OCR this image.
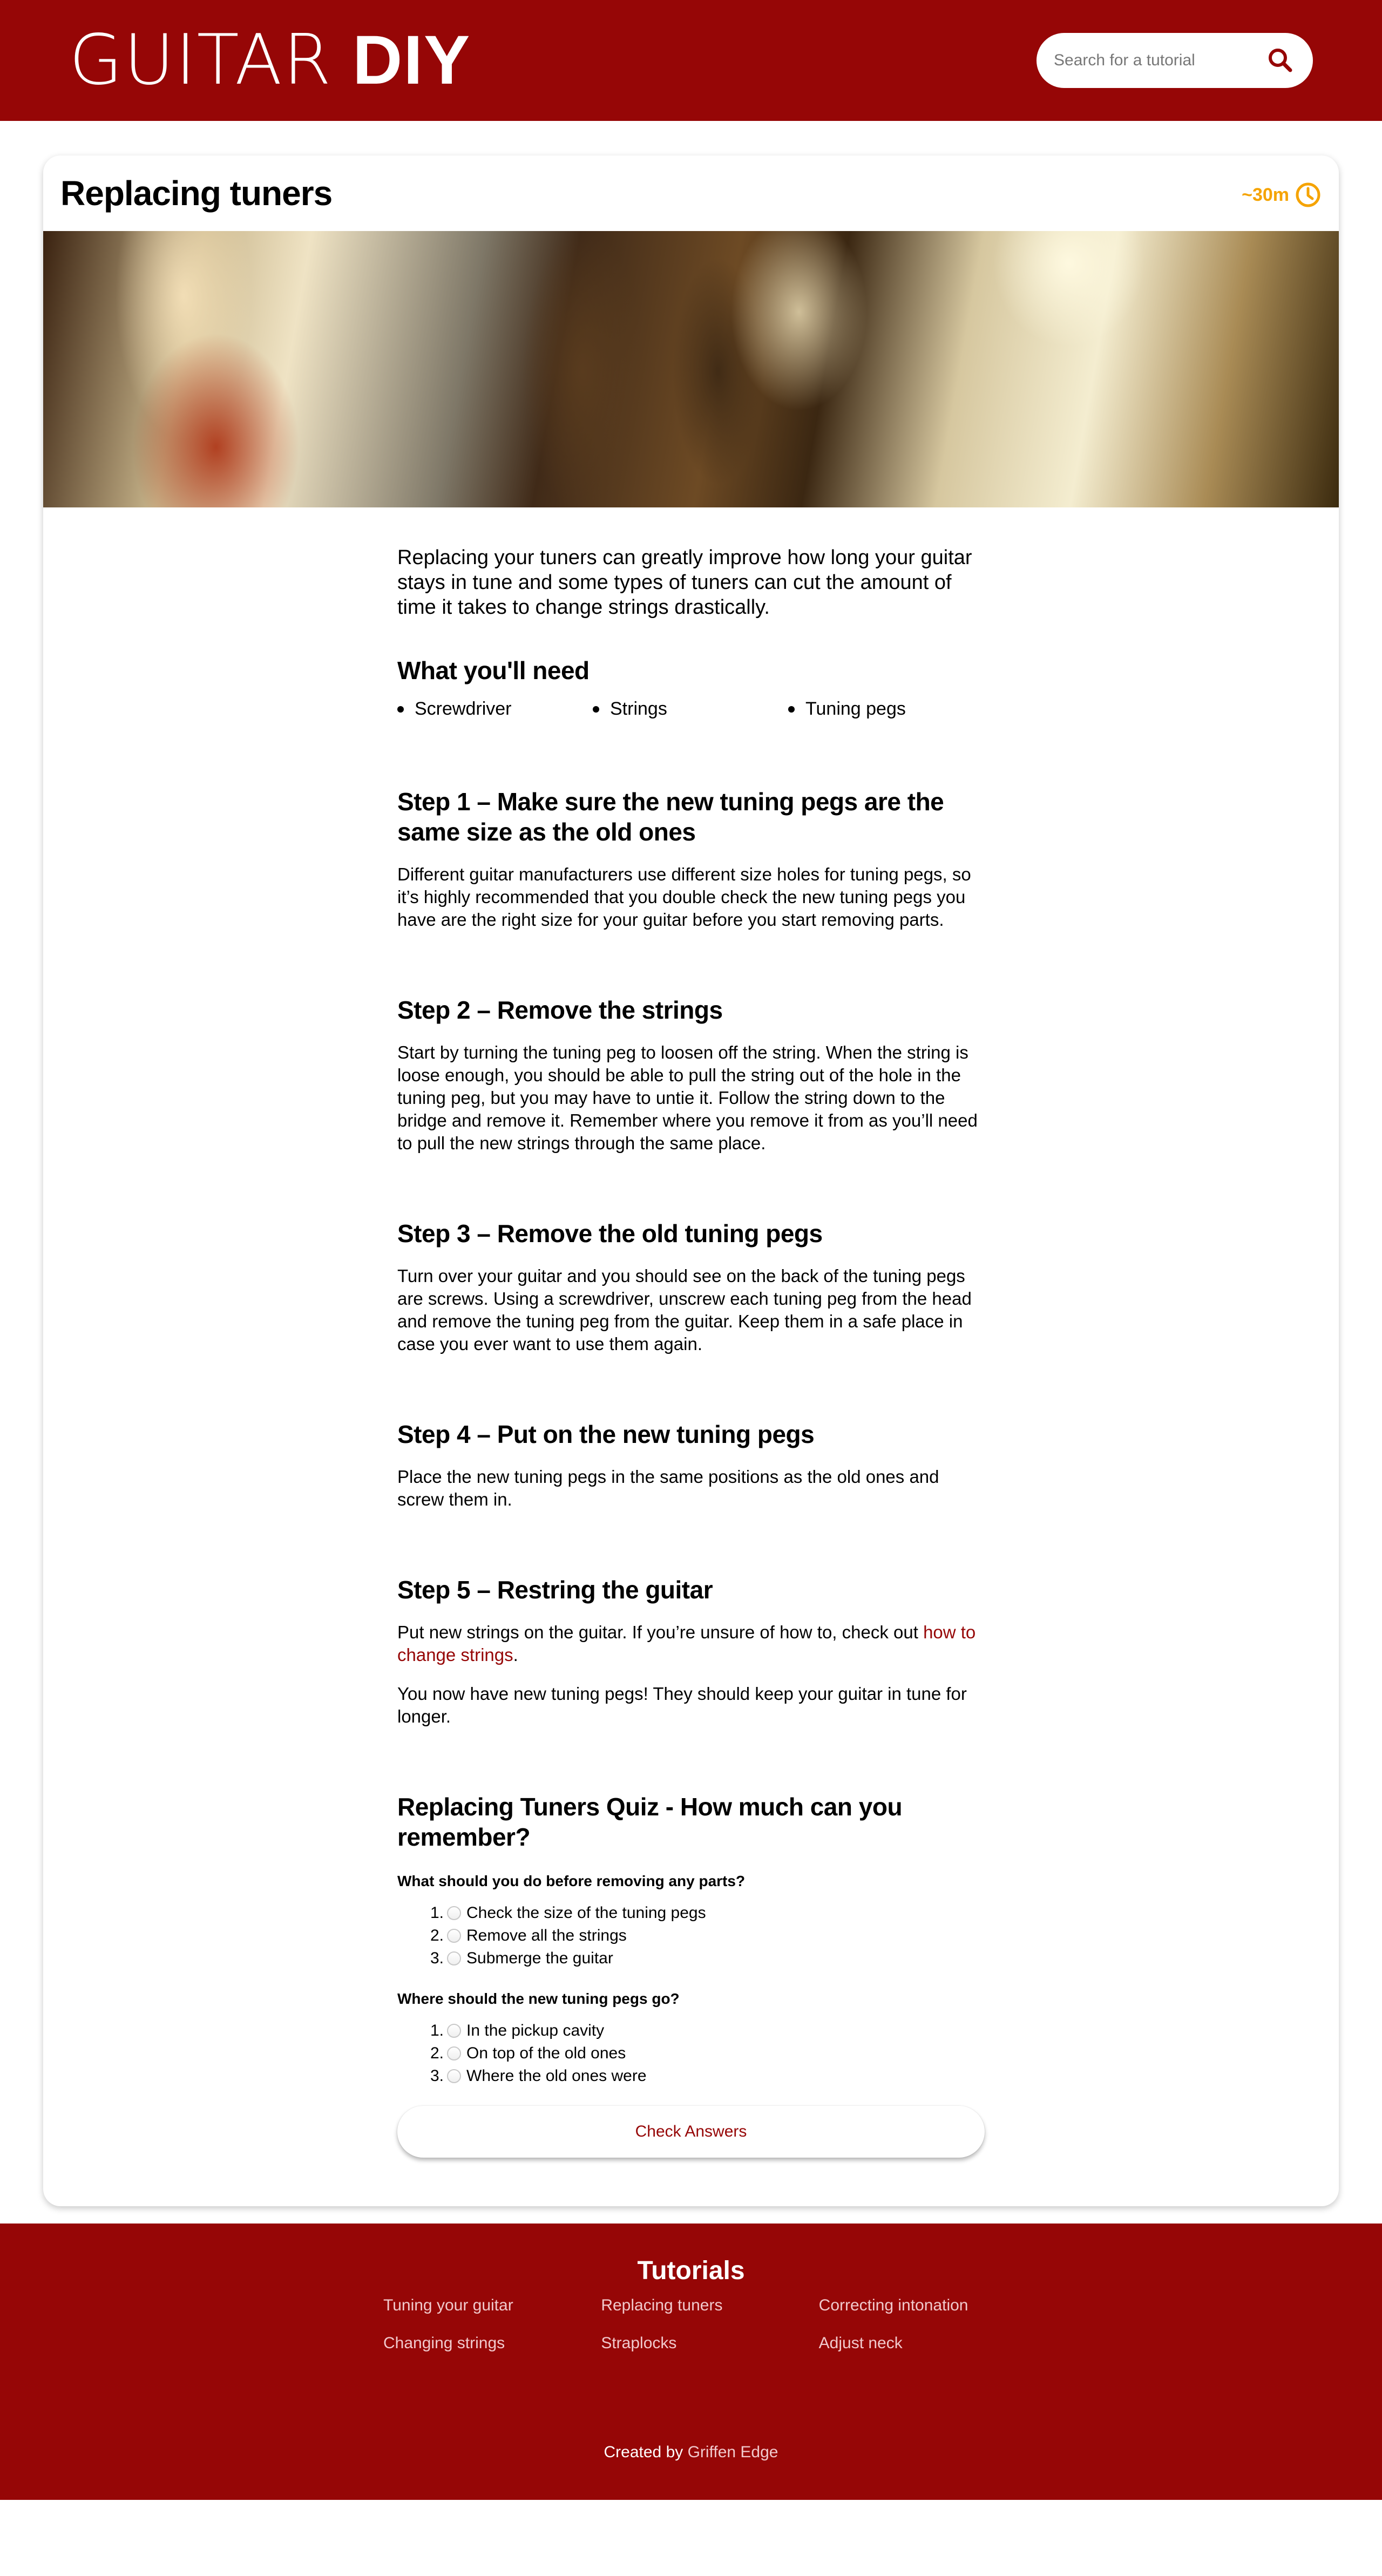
GUITAR DIY
Search for a tutorial
Replacing tuners	~30m

Replacing your tuners can greatly improve how long your guitar stays in tune and some types of tuners can cut the amount of time it takes to change strings drastically.

What you'll need
Screwdriver	Strings	Tuning pegs
Step 1 – Make sure the new tuning pegs are the same size as the old ones

Different guitar manufacturers use different size holes for tuning pegs, so it’s highly recommended that you double check the new tuning pegs you have are the right size for your guitar before you start removing parts.

Step 2 – Remove the strings

Start by turning the tuning peg to loosen off the string. When the string is loose enough, you should be able to pull the string out of the hole in the tuning peg, but you may have to untie it. Follow the string down to the bridge and remove it. Remember where you remove it from as you’ll need to pull the new strings through the same place.

Step 3 – Remove the old tuning pegs

Turn over your guitar and you should see on the back of the tuning pegs are screws. Using a screwdriver, unscrew each tuning peg from the head and remove the tuning peg from the guitar. Keep them in a safe place in case you ever want to use them again.

Step 4 – Put on the new tuning pegs

Place the new tuning pegs in the same positions as the old ones and screw them in.

Step 5 – Restring the guitar

Put new strings on the guitar. If you’re unsure of how to, check out how to change strings.

You now have new tuning pegs! They should keep your guitar in tune for longer.

Replacing Tuners Quiz - How much can you remember?

What should you do before removing any parts?

1. Check the size of the tuning pegs
2. Remove all the strings
3. Submerge the guitar

Where should the new tuning pegs go?

1. In the pickup cavity
2. On top of the old ones
3. Where the old ones were
Check Answers
Tutorials
Tuning your guitar	Replacing tuners	Correcting intonation
Changing strings	Straplocks	Adjust neck

Created by Griffen Edge
